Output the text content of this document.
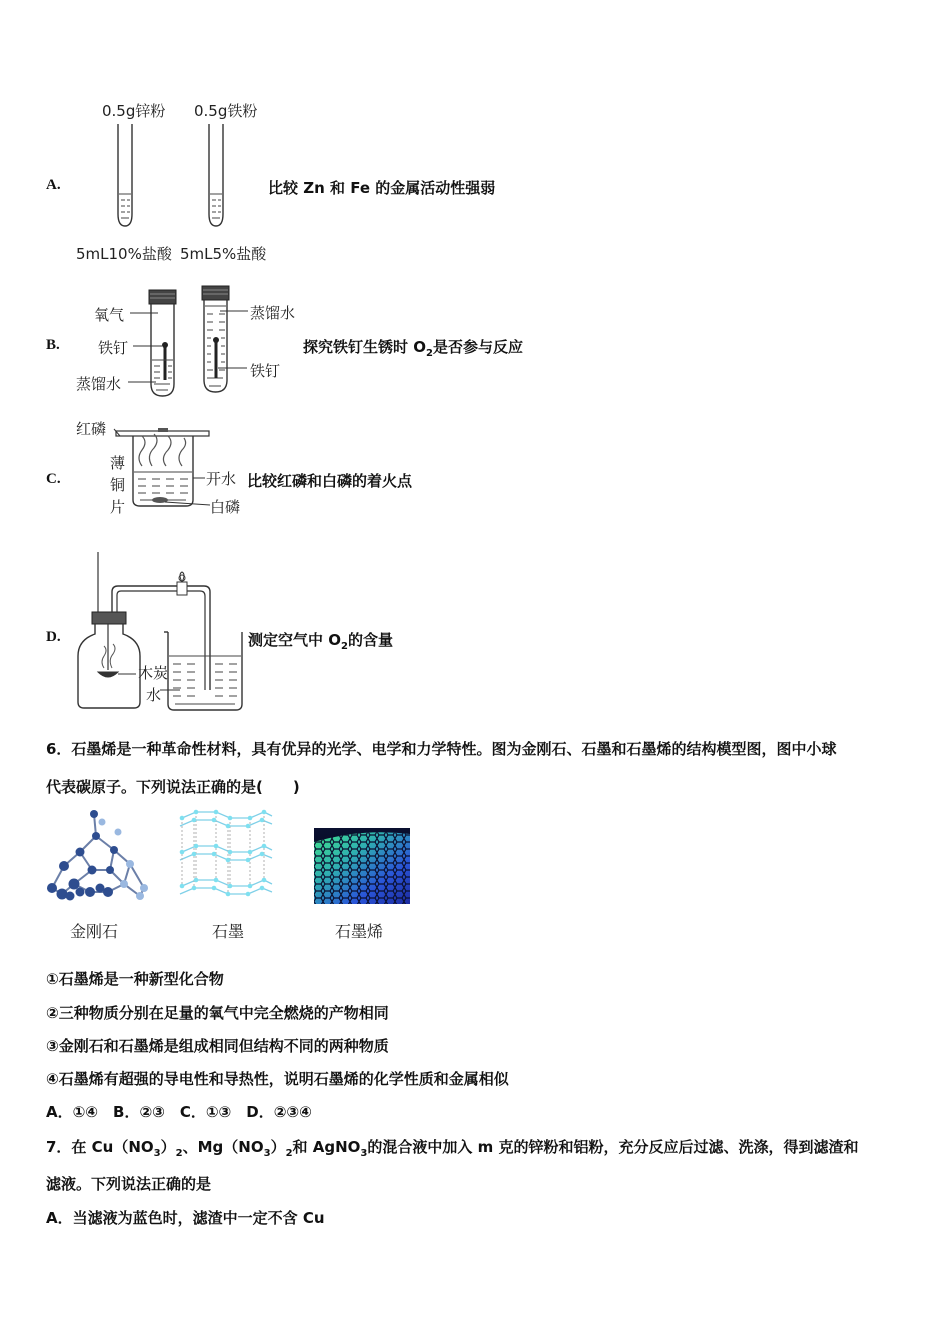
A.
0.5g锌粉 0.5g铁粉
5mL10%盐酸 5mL5%盐酸
比较 Zn 和 Fe 的金属活动性强弱
B.
氧气
铁钉
蒸馏水
蒸馏水
铁钉
探究铁钉生锈时 $O_2$是否参与反应
C.
红磷
薄
铜
片
开水
白磷
比较红磷和白磷的着火点
D.
木炭
水
测定空气中 $O_2$的含量
6．石墨烯是一种革命性材料，具有优异的光学、电学和力学特性。图为金刚石、石墨和石墨烯的结构模型图，图中小球
代表碳原子。下列说法正确的是(　　)
金刚石	石墨	石墨烯
①石墨烯是一种新型化合物
②三种物质分别在足量的氧气中完全燃烧的产物相同
③金刚石和石墨烯是组成相同但结构不同的两种物质
④石墨烯有超强的导电性和导热性，说明石墨烯的化学性质和金属相似
A．①④　B．②③　C．①③　D．②③④
7．在 $Cu(NO_3)_2$、$Mg(NO_3)_2$和 AgNO$_3$的混合液中加入 m 克的锌粉和铝粉，充分反应后过滤、洗涤，得到滤渣和
滤液。下列说法正确的是
A．当滤液为蓝色时，滤渣中一定不含 Cu
